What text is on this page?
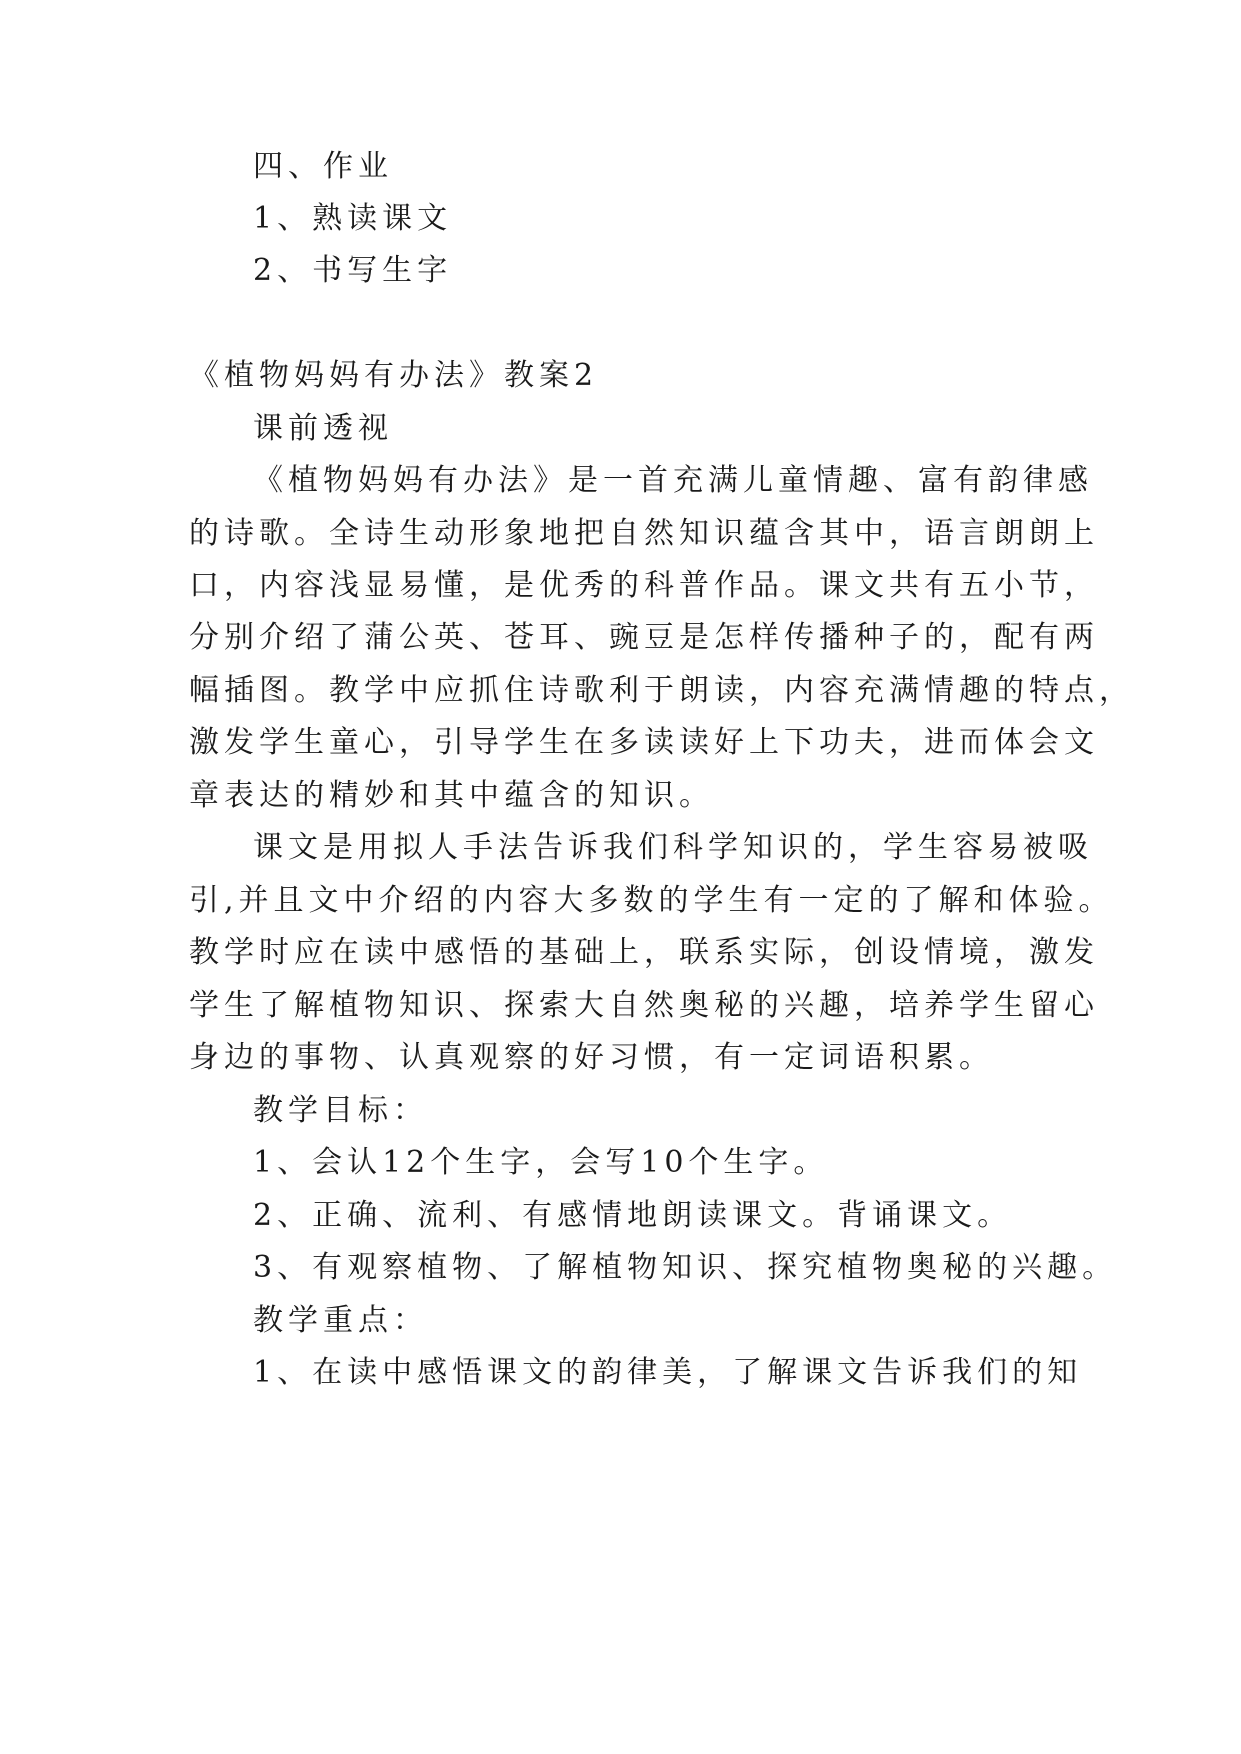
四、作业
1、熟读课文
2、书写生字
《植物妈妈有办法》教案2
课前透视
《植物妈妈有办法》是一首充满儿童情趣、富有韵律感
的诗歌。全诗生动形象地把自然知识蕴含其中，语言朗朗上
口，内容浅显易懂，是优秀的科普作品。课文共有五小节，
分别介绍了蒲公英、苍耳、豌豆是怎样传播种子的，配有两
幅插图。教学中应抓住诗歌利于朗读，内容充满情趣的特点，
激发学生童心，引导学生在多读读好上下功夫，进而体会文
章表达的精妙和其中蕴含的知识。
课文是用拟人手法告诉我们科学知识的，学生容易被吸
引,并且文中介绍的内容大多数的学生有一定的了解和体验。
教学时应在读中感悟的基础上，联系实际，创设情境，激发
学生了解植物知识、探索大自然奥秘的兴趣，培养学生留心
身边的事物、认真观察的好习惯，有一定词语积累。
教学目标：
1、会认12个生字，会写10个生字。
2、正确、流利、有感情地朗读课文。背诵课文。
3、有观察植物、了解植物知识、探究植物奥秘的兴趣。
教学重点：
1、在读中感悟课文的韵律美，了解课文告诉我们的知
